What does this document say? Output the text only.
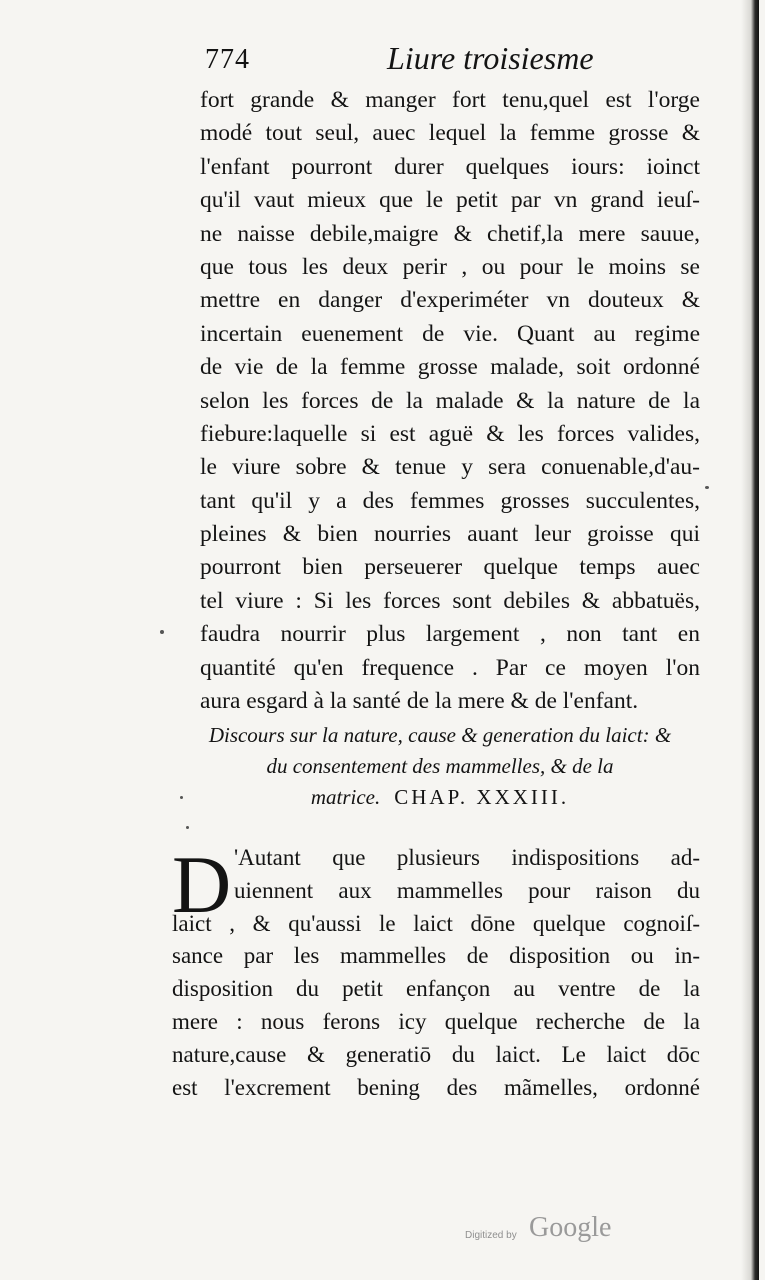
774	Liure troisiesme
fort grande & manger fort tenu,quel est l'orge
modé tout seul, auec lequel la femme grosse &
l'enfant pourront durer quelques iours: ioinct
qu'il vaut mieux que le petit par vn grand ieuſ-
ne naisse debile,maigre & chetif,la mere sauue,
que tous les deux perir , ou pour le moins se
mettre en danger d'experiméter vn douteux &
incertain euenement de vie. Quant au regime
de vie de la femme grosse malade, soit ordonné
selon les forces de la malade & la nature de la
fiebure:laquelle si est aguë & les forces valides,
le viure sobre & tenue y sera conuenable,d'au-
tant qu'il y a des femmes grosses succulentes,
pleines & bien nourries auant leur groisse qui
pourront bien perseuerer quelque temps auec
tel viure : Si les forces sont debiles & abbatuës,
faudra nourrir plus largement , non tant en
quantité qu'en frequence . Par ce moyen l'on
aura esgard à la santé de la mere & de l'enfant.
Discours sur la nature, cause & generation du laict: &
du consentement des mammelles, & de la
matrice. CHAP. XXXIII.
D 'Autant que plusieurs indispositions ad-
uiennent aux mammelles pour raison du
laict , & qu'aussi le laict dōne quelque cognoiſ-
sance par les mammelles de disposition ou in-
disposition du petit enfançon au ventre de la
mere : nous ferons icy quelque recherche de la
nature,cause & generatiō du laict. Le laict dōc
est l'excrement bening des mãmelles, ordonné
Digitized by Google
